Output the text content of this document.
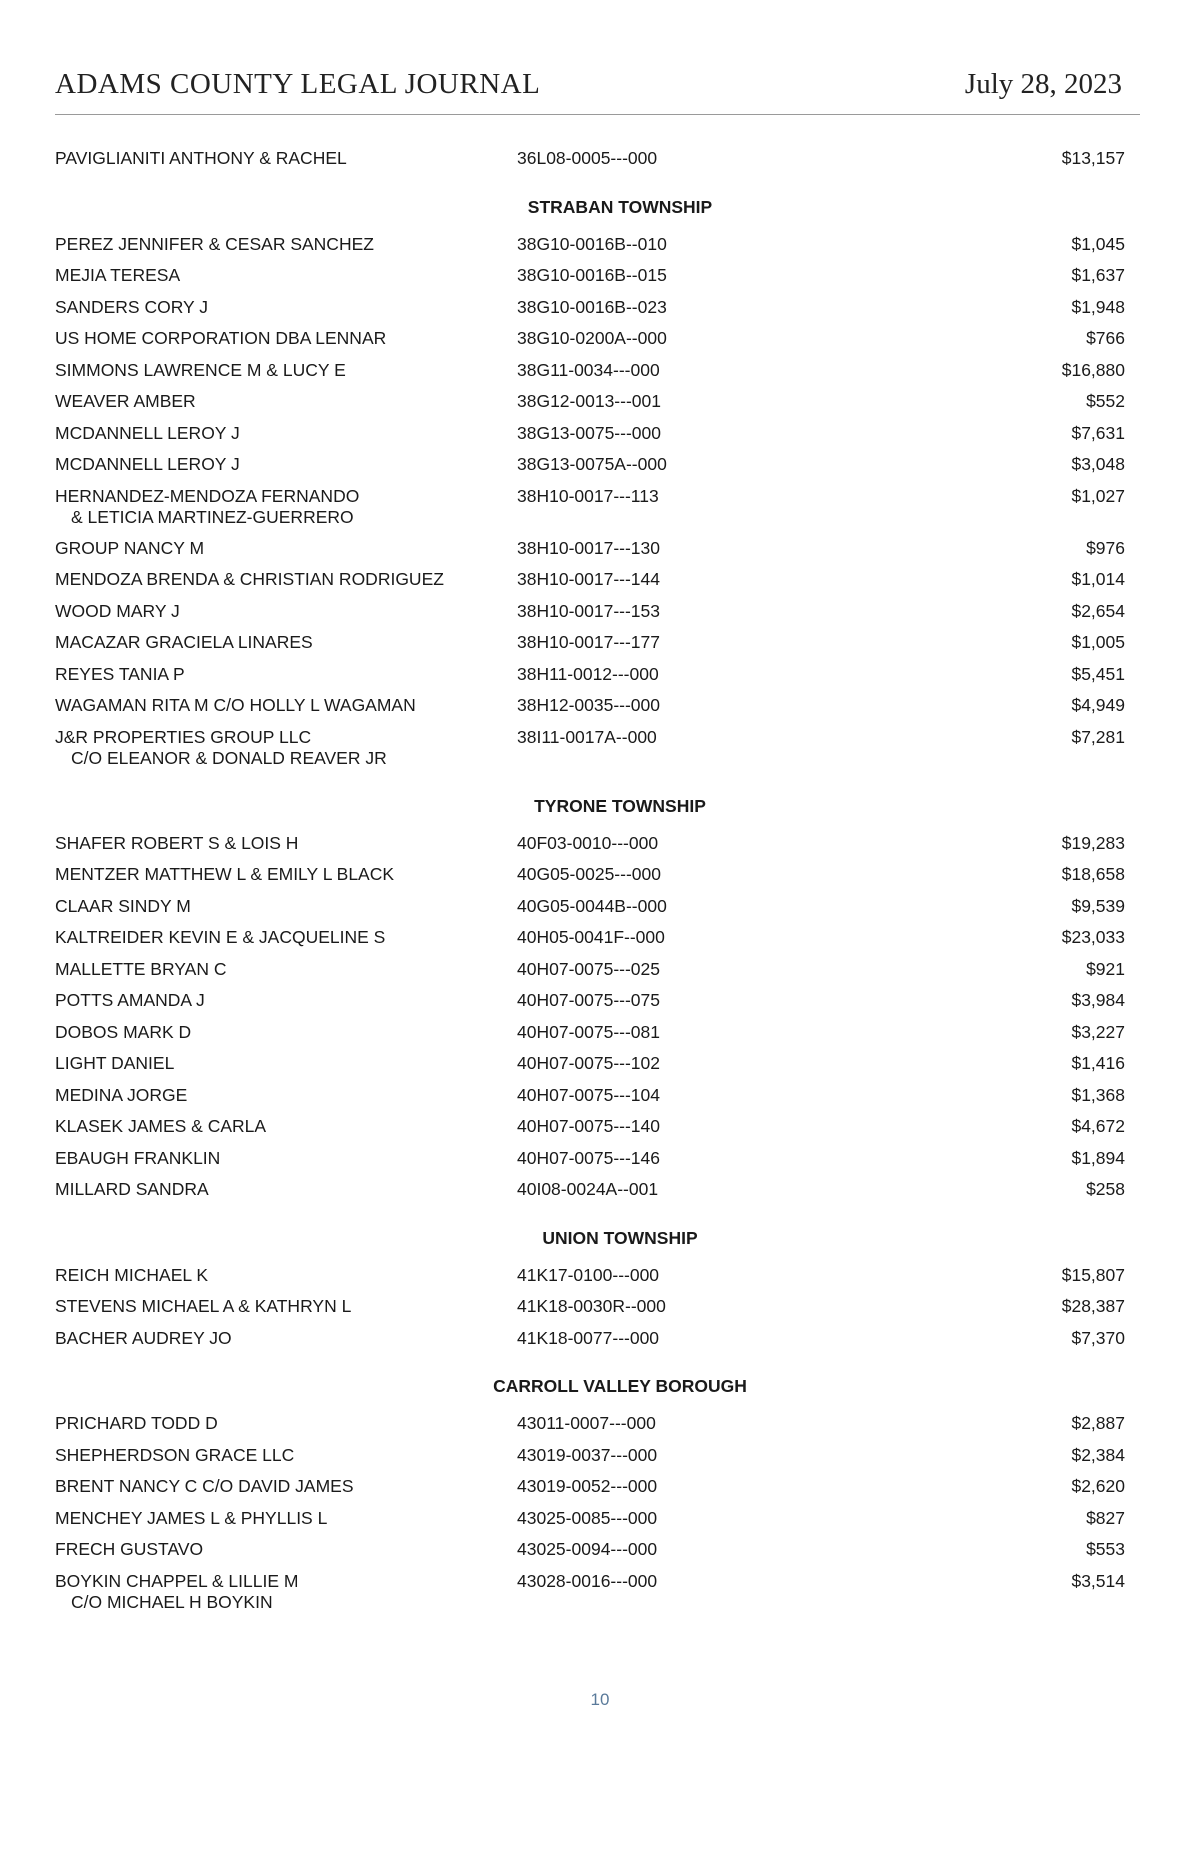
ADAMS COUNTY LEGAL JOURNAL	July 28, 2023
PAVIGLIANITI ANTHONY & RACHEL	36L08-0005---000	$13,157
STRABAN TOWNSHIP
PEREZ JENNIFER & CESAR SANCHEZ	38G10-0016B--010	$1,045
MEJIA TERESA	38G10-0016B--015	$1,637
SANDERS CORY J	38G10-0016B--023	$1,948
US HOME CORPORATION DBA LENNAR	38G10-0200A--000	$766
SIMMONS LAWRENCE M & LUCY E	38G11-0034---000	$16,880
WEAVER AMBER	38G12-0013---001	$552
MCDANNELL LEROY J	38G13-0075---000	$7,631
MCDANNELL LEROY J	38G13-0075A--000	$3,048
HERNANDEZ-MENDOZA FERNANDO
& LETICIA MARTINEZ-GUERRERO
38H10-0017---113	$1,027
GROUP NANCY M	38H10-0017---130	$976
MENDOZA BRENDA & CHRISTIAN RODRIGUEZ	38H10-0017---144	$1,014
WOOD MARY J	38H10-0017---153	$2,654
MACAZAR GRACIELA LINARES	38H10-0017---177	$1,005
REYES TANIA P	38H11-0012---000	$5,451
WAGAMAN RITA M C/O HOLLY L WAGAMAN	38H12-0035---000	$4,949
J&R PROPERTIES GROUP LLC
C/O ELEANOR & DONALD REAVER JR
38I11-0017A--000	$7,281
TYRONE TOWNSHIP
SHAFER ROBERT S & LOIS H	40F03-0010---000	$19,283
MENTZER MATTHEW L & EMILY L BLACK	40G05-0025---000	$18,658
CLAAR SINDY M	40G05-0044B--000	$9,539
KALTREIDER KEVIN E & JACQUELINE S	40H05-0041F--000	$23,033
MALLETTE BRYAN C	40H07-0075---025	$921
POTTS AMANDA J	40H07-0075---075	$3,984
DOBOS MARK D	40H07-0075---081	$3,227
LIGHT DANIEL	40H07-0075---102	$1,416
MEDINA JORGE	40H07-0075---104	$1,368
KLASEK JAMES & CARLA	40H07-0075---140	$4,672
EBAUGH FRANKLIN	40H07-0075---146	$1,894
MILLARD SANDRA	40I08-0024A--001	$258
UNION TOWNSHIP
REICH MICHAEL K	41K17-0100---000	$15,807
STEVENS MICHAEL A & KATHRYN L	41K18-0030R--000	$28,387
BACHER AUDREY JO	41K18-0077---000	$7,370
CARROLL VALLEY BOROUGH
PRICHARD TODD D	43011-0007---000	$2,887
SHEPHERDSON GRACE LLC	43019-0037---000	$2,384
BRENT NANCY C C/O DAVID JAMES	43019-0052---000	$2,620
MENCHEY JAMES L & PHYLLIS L	43025-0085---000	$827
FRECH GUSTAVO	43025-0094---000	$553
BOYKIN CHAPPEL & LILLIE M
C/O MICHAEL H BOYKIN
43028-0016---000	$3,514
10
